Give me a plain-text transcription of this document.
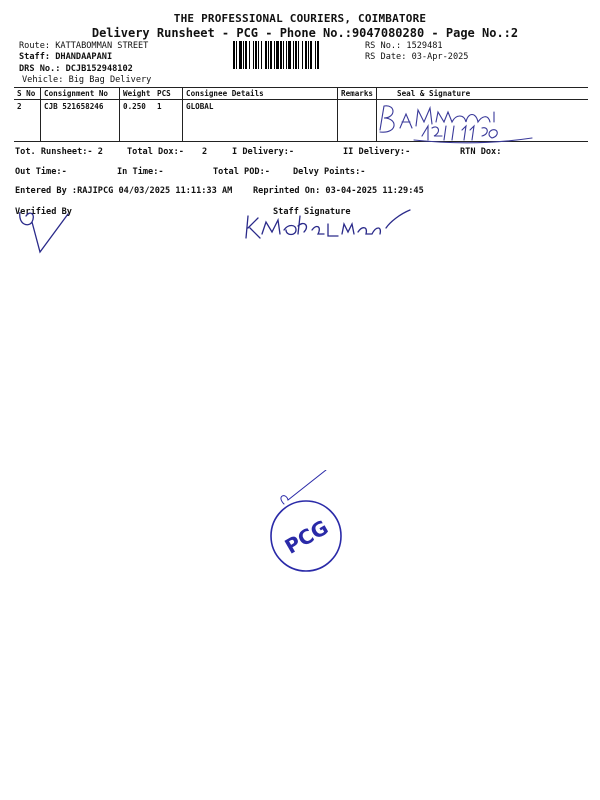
THE PROFESSIONAL COURIERS, COIMBATORE
Delivery Runsheet - PCG - Phone No.:9047080280 - Page No.:2
Route: KATTABOMMAN STREET
Staff: DHANDAAPANI
DRS No.: DCJB152948102
Vehicle: Big Bag Delivery
RS No.: 1529481
RS Date: 03-Apr-2025
S No	Consignment No	Weight	PCS	Consignee Details	Remarks	Seal & Signature
2	CJB 521658246	0.250	1	GLOBAL		
Tot. Runsheet:- 2	Total Dox:- 2	I Delivery:-	II Delivery:-	RTN Dox:
Out Time:-	In Time:-	Total POD:-	Delvy Points:-
Entered By :RAJIPCG 04/03/2025 11:11:33 AM Reprinted On: 03-04-2025 11:29:45
Verified By	Staff Signature
PCG
